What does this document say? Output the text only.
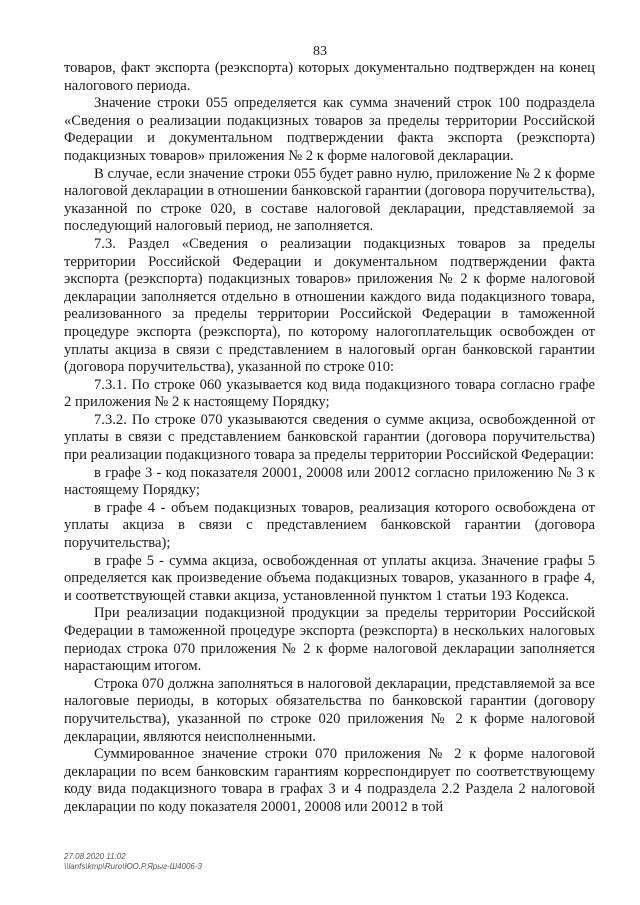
83

товаров, факт экспорта (реэкспорта) которых документально подтвержден на конец налогового периода.

Значение строки 055 определяется как сумма значений строк 100 подраздела «Сведения о реализации подакцизных товаров за пределы территории Российской Федерации и документальном подтверждении факта экспорта (реэкспорта) подакцизных товаров» приложения № 2 к форме налоговой декларации.

В случае, если значение строки 055 будет равно нулю, приложение № 2 к форме налоговой декларации в отношении банковской гарантии (договора поручительства), указанной по строке 020, в составе налоговой декларации, представляемой за последующий налоговый период, не заполняется.

7.3. Раздел «Сведения о реализации подакцизных товаров за пределы территории Российской Федерации и документальном подтверждении факта экспорта (реэкспорта) подакцизных товаров» приложения № 2 к форме налоговой декларации заполняется отдельно в отношении каждого вида подакцизного товара, реализованного за пределы территории Российской Федерации в таможенной процедуре экспорта (реэкспорта), по которому налогоплательщик освобожден от уплаты акциза в связи с представлением в налоговый орган банковской гарантии (договора поручительства), указанной по строке 010:

7.3.1. По строке 060 указывается код вида подакцизного товара согласно графе 2 приложения № 2 к настоящему Порядку;

7.3.2. По строке 070 указываются сведения о сумме акциза, освобожденной от уплаты в связи с представлением банковской гарантии (договора поручительства) при реализации подакцизного товара за пределы территории Российской Федерации:

в графе 3 - код показателя 20001, 20008 или 20012 согласно приложению № 3 к настоящему Порядку;

в графе 4 - объем подакцизных товаров, реализация которого освобождена от уплаты акциза в связи с представлением банковской гарантии (договора поручительства);

в графе 5 - сумма акциза, освобожденная от уплаты акциза. Значение графы 5 определяется как произведение объема подакцизных товаров, указанного в графе 4, и соответствующей ставки акциза, установленной пунктом 1 статьи 193 Кодекса.

При реализации подакцизной продукции за пределы территории Российской Федерации в таможенной процедуре экспорта (реэкспорта) в нескольких налоговых периодах строка 070 приложения № 2 к форме налоговой декларации заполняется нарастающим итогом.

Строка 070 должна заполняться в налоговой декларации, представляемой за все налоговые периоды, в которых обязательства по банковской гарантии (договору поручительства), указанной по строке 020 приложения № 2 к форме налоговой декларации, являются неисполненными.

Суммированное значение строки 070 приложения № 2 к форме налоговой декларации по всем банковским гарантиям корреспондирует по соответствующему коду вида подакцизного товара в графах 3 и 4 подраздела 2.2 Раздела 2 налоговой декларации по коду показателя 20001, 20008 или 20012 в той

27.08.2020 11:02
\\lanfs\kmp\Ruro\ЮО.Р.Ярыг-Ш4006-3
